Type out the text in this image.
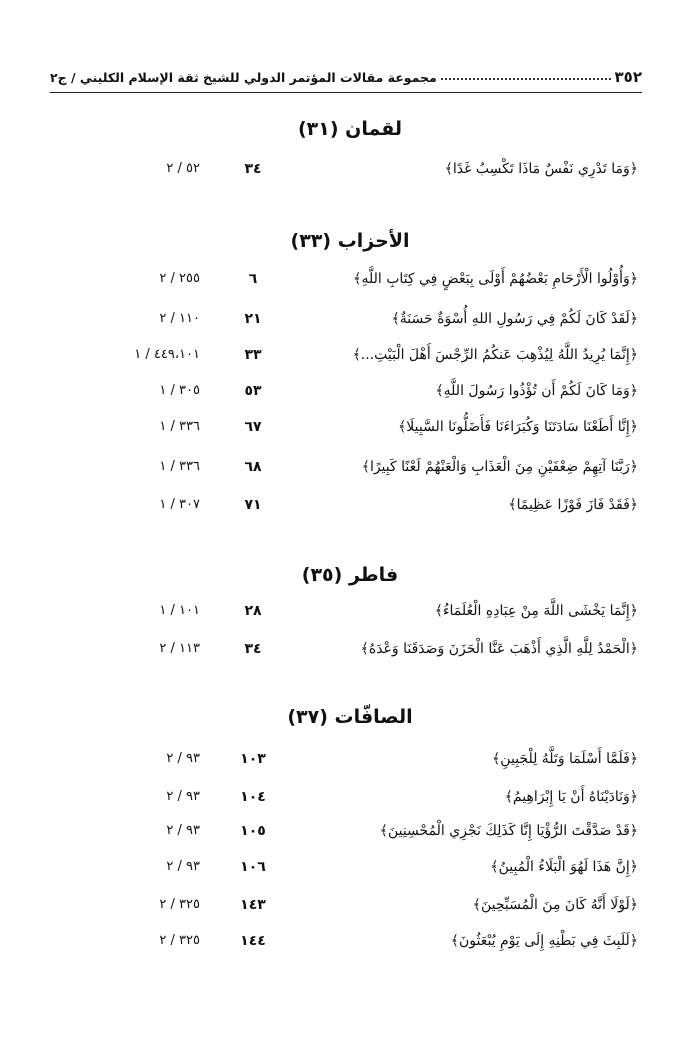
٣٥٢
مجموعة مقالات المؤتمر الدولي للشيخ ثقة الإسلام الكليني / ج٢
لقمان (٣١)
﴿وَمَا تَدْرِي نَفْسٌ مَاذَا تَكْسِبُ غَدًا﴾
٣٤
٥٢ / ٢
الأحزاب (٣٣)
﴿وَأُوْلُوا الْأَرْحَامِ بَعْضُهُمْ أَوْلَى بِبَعْضٍ فِي كِتَابِ اللَّهِ﴾
٦
٢٥٥ / ٢
﴿لَقَدْ كَانَ لَكُمْ فِي رَسُولِ اللهِ أُسْوَةٌ حَسَنَةٌ﴾
٢١
١١٠ / ٢
﴿إِنَّمَا يُرِيدُ اللَّهُ لِيُذْهِبَ عَنكُمُ الرِّجْسَ أَهْلَ الْبَيْتِ...﴾
٣٣
٤٤٩،١٠١ / ١
﴿وَمَا كَانَ لَكُمْ أَن تُؤْذُوا رَسُولَ اللَّهِ﴾
٥٣
٣٠٥ / ١
﴿إِنَّا أَطَعْنَا سَادَتَنَا وَكُبَرَاءَنَا فَأَضَلُّونَا السَّبِيلَا﴾
٦٧
٣٣٦ / ١
﴿رَبَّنَا آتِهِمْ ضِعْفَيْنِ مِنَ الْعَذَابِ وَالْعَنْهُمْ لَعْنًا كَبِيرًا﴾
٦٨
٣٣٦ / ١
﴿فَقَدْ فَازَ فَوْزًا عَظِيمًا﴾
٧١
٣٠٧ / ١
فاطر (٣٥)
﴿إِنَّمَا يَخْشَى اللَّهَ مِنْ عِبَادِهِ الْعُلَمَاءُ﴾
٢٨
١٠١ / ١
﴿الْحَمْدُ لِلَّهِ الَّذِي أَذْهَبَ عَنَّا الْحَزَنَ وَصَدَقَنَا وَعْدَهُ﴾
٣٤
١١٣ / ٢
الصافّات (٣٧)
﴿فَلَمَّا أَسْلَمَا وَتَلَّهُ لِلْجَبِينِ﴾
١٠٣
٩٣ / ٢
﴿وَنَادَيْنَاهُ أَنْ يَا إِبْرَاهِيمُ﴾
١٠٤
٩٣ / ٢
﴿قَدْ صَدَّقْتَ الرُّؤْيَا إِنَّا كَذَلِكَ نَجْزِي الْمُحْسِنِينَ﴾
١٠٥
٩٣ / ٢
﴿إِنَّ هَذَا لَهُوَ الْبَلَاءُ الْمُبِينُ﴾
١٠٦
٩٣ / ٢
﴿لَوْلَا أَنَّهُ كَانَ مِنَ الْمُسَبِّحِينَ﴾
١٤٣
٣٢٥ / ٢
﴿لَلَبِثَ فِي بَطْنِهِ إِلَى يَوْمِ يُبْعَثُونَ﴾
١٤٤
٣٢٥ / ٢
